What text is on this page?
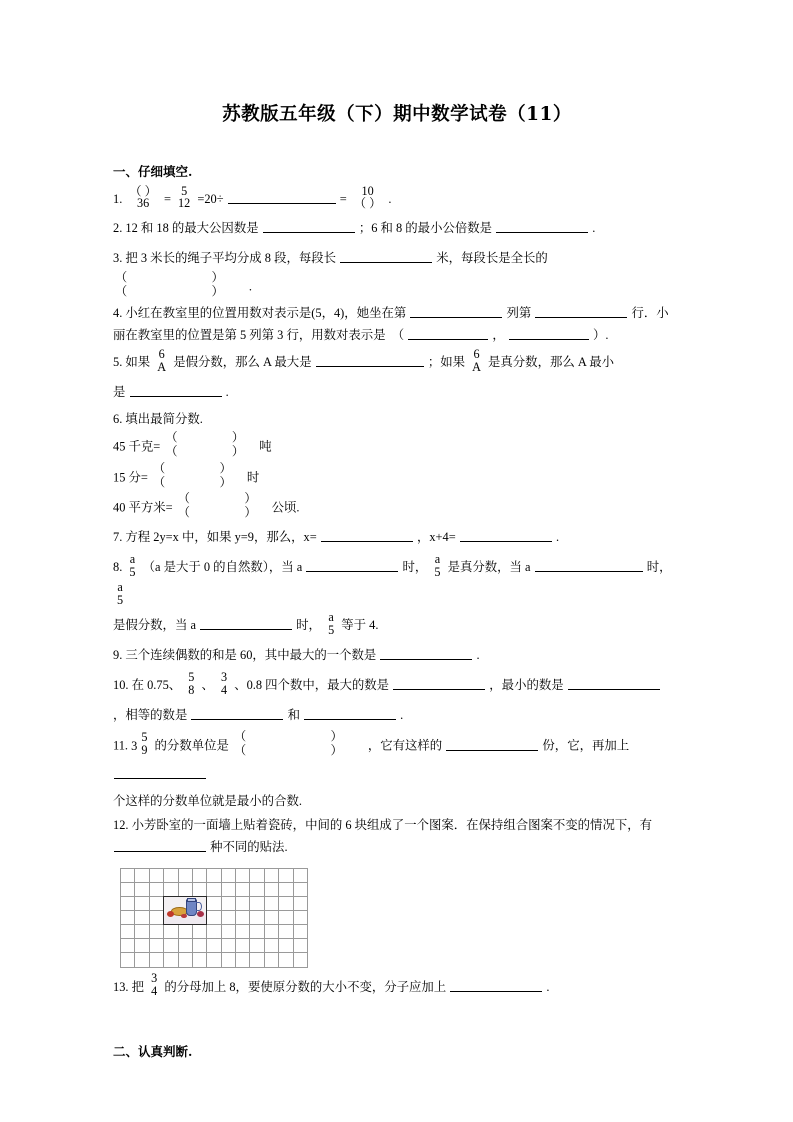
苏教版五年级（下）期中数学试卷（11）
一、仔细填空.
1.
（ ）
36	=
5
12 =20÷	=
10
（ ） .
2. 12 和 18 的最大公因数是	；6 和 8 的最小公倍数是	.
3. 把 3 米长的绳子平均分成 8 段，每段长	米，每段长是全长的
（　　）
（　　） .
4. 小红在教室里的位置用数对表示是(5，4)，她坐在第	列第	行．小丽在教室里的位置是第 5 列第 3 行，用数对表示是　（	，	）.
5. 如果
6
A 是假分数，那么 A 最大是	；如果
6
A 是真分数，那么 A 最小
是	.
6. 填出最简分数.
45 千克=
（　　）
（　　） 吨
15 分=
（　　）
（　　） 时
40 平方米=
（　　）
（　　） 公顷.
7. 方程 2y=x 中，如果 y=9，那么，x=	，x+4=	.
8.
a
5 （a 是大于 0 的自然数），当 a	时，
a
5 是真分数，当 a	时，
a
5
是假分数，当 a	时，
a
5 等于 4.
9. 三个连续偶数的和是 60，其中最大的一个数是	.
10. 在 0.75、
5
8 、
3
4 、0.8 四个数中，最大的数是	，最小的数是
，相等的数是	和	.
11. 3
5
9 的分数单位是
（　　）
（　　） ，它有这样的	份，它，再加上
个这样的分数单位就是最小的合数.
12. 小芳卧室的一面墙上贴着瓷砖，中间的 6 块组成了一个图案．在保持组合图案不变的情况下，有  种不同的贴法.
13. 把
3
4 的分母加上 8，要使原分数的大小不变，分子应加上	.
二、认真判断.
